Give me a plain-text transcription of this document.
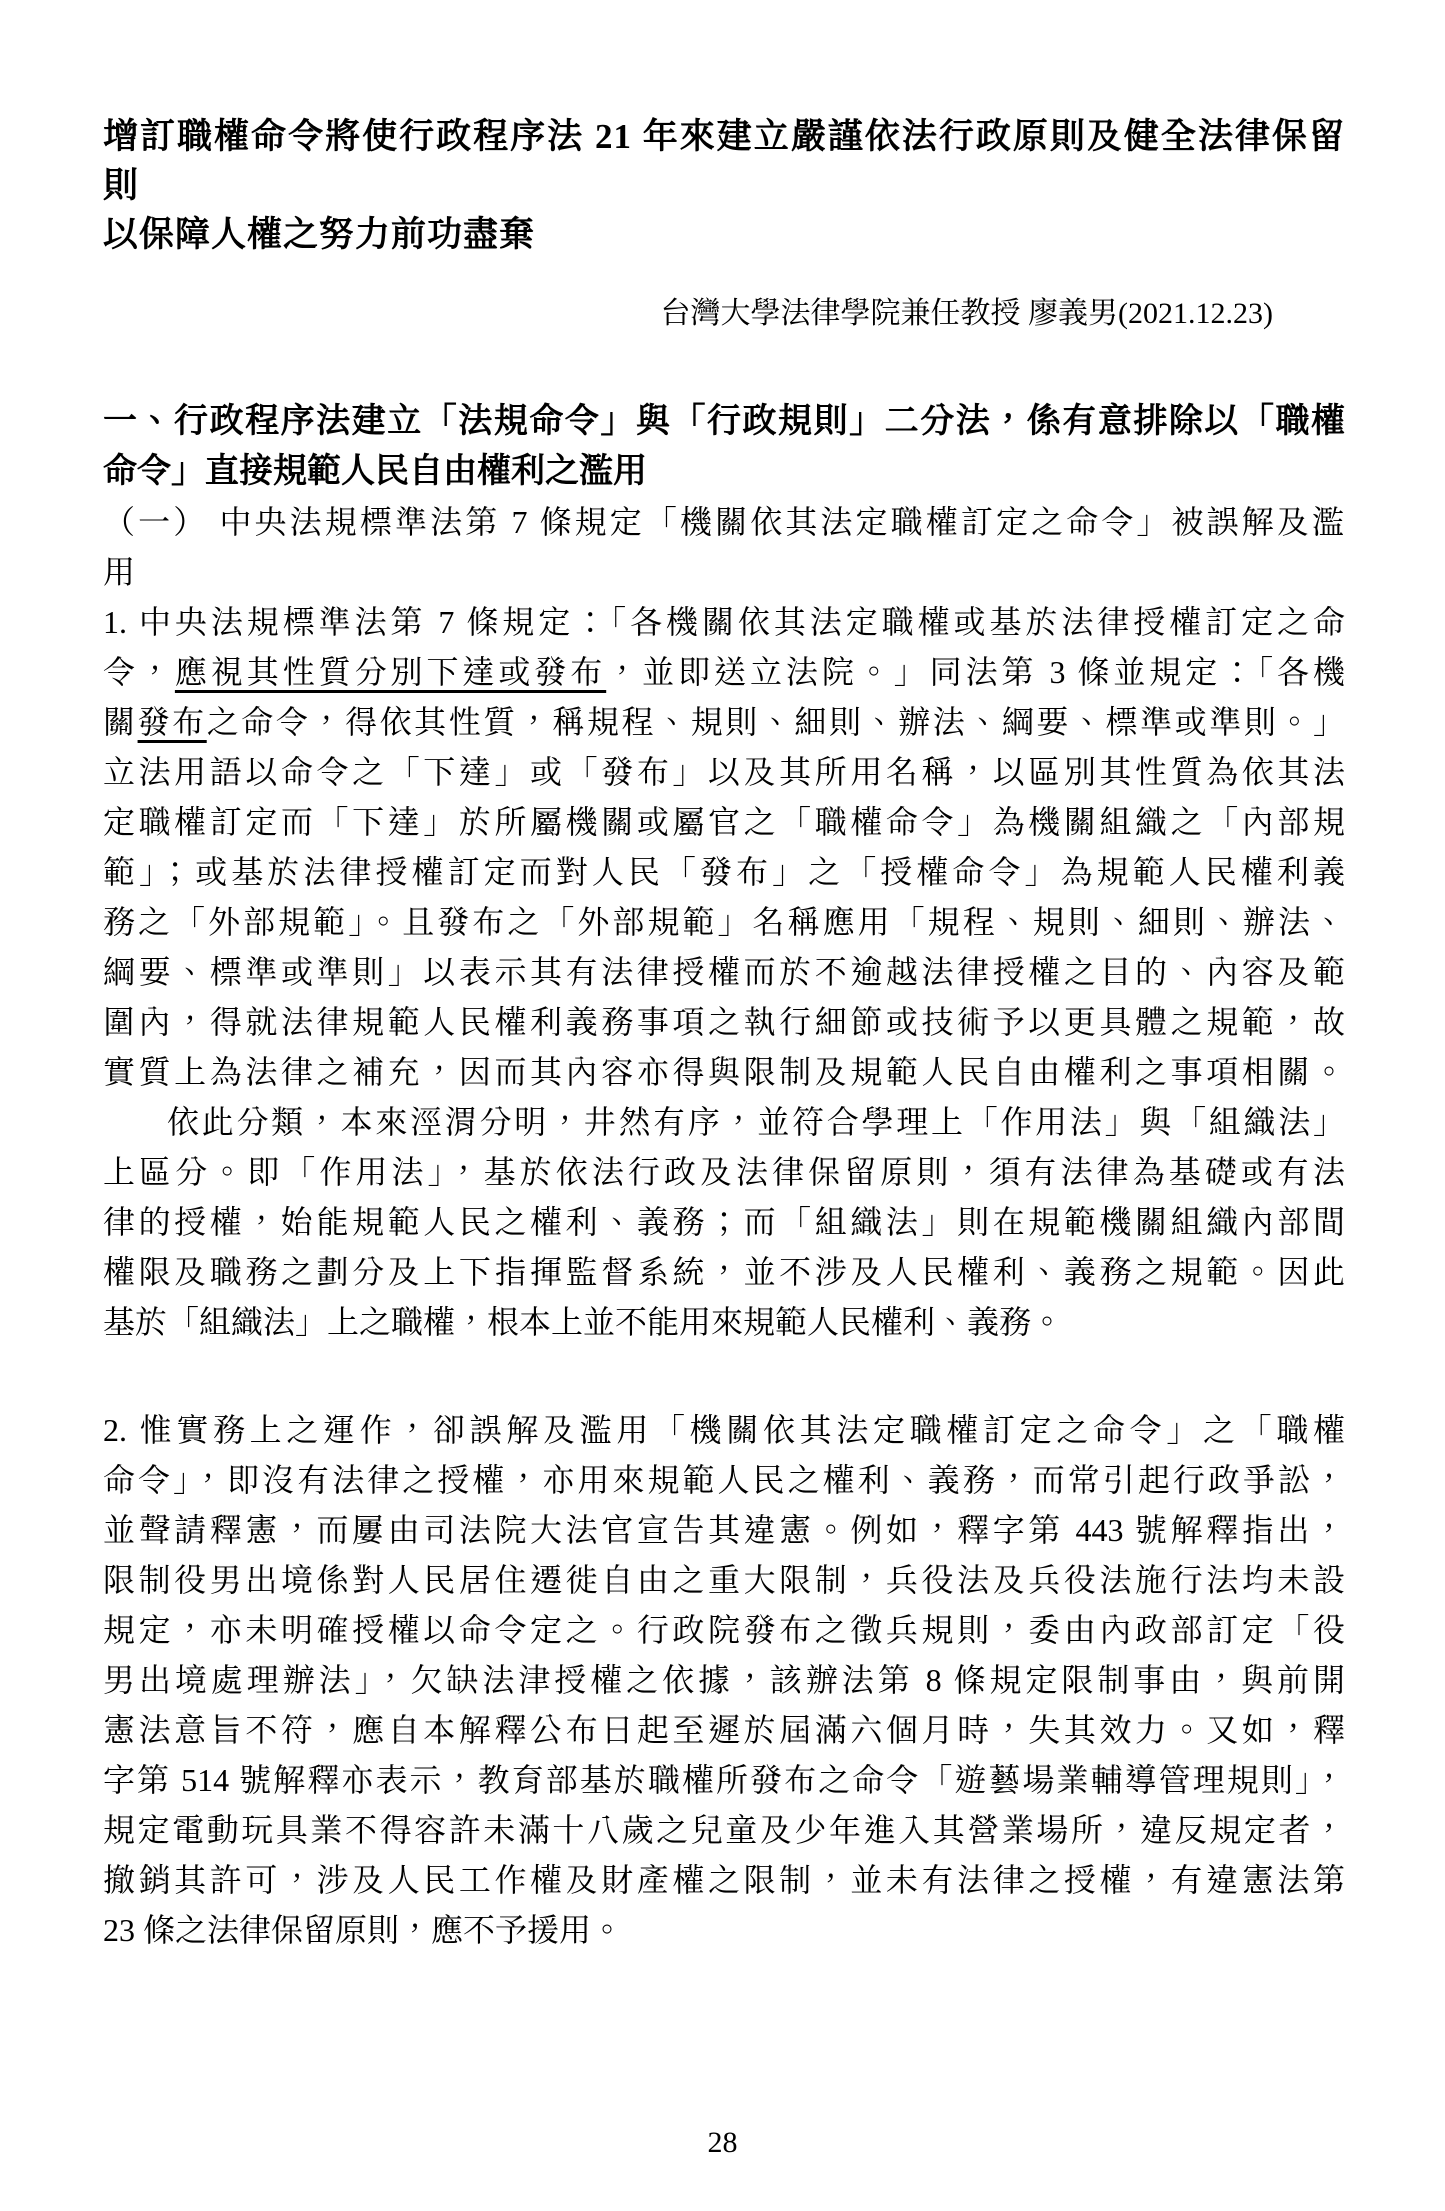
增訂職權命令將使行政程序法 21 年來建立嚴謹依法行政原則及健全法律保留則
以保障人權之努力前功盡棄
台灣大學法律學院兼任教授 廖義男(2021.12.23)
一、行政程序法建立「法規命令」與「行政規則」二分法，係有意排除以「職權
命令」直接規範人民自由權利之濫用
（一） 中央法規標準法第 7 條規定「機關依其法定職權訂定之命令」被誤解及濫
用
1. 中央法規標準法第 7 條規定：「各機關依其法定職權或基於法律授權訂定之命
令，應視其性質分別下達或發布，並即送立法院。」同法第 3 條並規定：「各機
關發布之命令，得依其性質，稱規程、規則、細則、辦法、綱要、標準或準則。」
立法用語以命令之「下達」或「發布」以及其所用名稱，以區別其性質為依其法
定職權訂定而「下達」於所屬機關或屬官之「職權命令」為機關組織之「內部規
範」；或基於法律授權訂定而對人民「發布」之「授權命令」為規範人民權利義
務之「外部規範」。且發布之「外部規範」名稱應用「規程、規則、細則、辦法、
綱要、標準或準則」以表示其有法律授權而於不逾越法律授權之目的、內容及範
圍內，得就法律規範人民權利義務事項之執行細節或技術予以更具體之規範，故
實質上為法律之補充，因而其內容亦得與限制及規範人民自由權利之事項相關。
依此分類，本來涇渭分明，井然有序，並符合學理上「作用法」與「組織法」
上區分。即「作用法」，基於依法行政及法律保留原則，須有法律為基礎或有法
律的授權，始能規範人民之權利、義務；而「組織法」則在規範機關組織內部間
權限及職務之劃分及上下指揮監督系統，並不涉及人民權利、義務之規範。因此
基於「組織法」上之職權，根本上並不能用來規範人民權利、義務。
2. 惟實務上之運作，卻誤解及濫用「機關依其法定職權訂定之命令」之「職權
命令」，即沒有法律之授權，亦用來規範人民之權利、義務，而常引起行政爭訟，
並聲請釋憲，而屢由司法院大法官宣告其違憲。例如，釋字第 443 號解釋指出，
限制役男出境係對人民居住遷徙自由之重大限制，兵役法及兵役法施行法均未設
規定，亦未明確授權以命令定之。行政院發布之徵兵規則，委由內政部訂定「役
男出境處理辦法」，欠缺法津授權之依據，該辦法第 8 條規定限制事由，與前開
憲法意旨不符，應自本解釋公布日起至遲於屆滿六個月時，失其效力。又如，釋
字第 514 號解釋亦表示，教育部基於職權所發布之命令「遊藝場業輔導管理規則」，
規定電動玩具業不得容許未滿十八歲之兒童及少年進入其營業場所，違反規定者，
撤銷其許可，涉及人民工作權及財產權之限制，並未有法律之授權，有違憲法第
23 條之法律保留原則，應不予援用。
28
